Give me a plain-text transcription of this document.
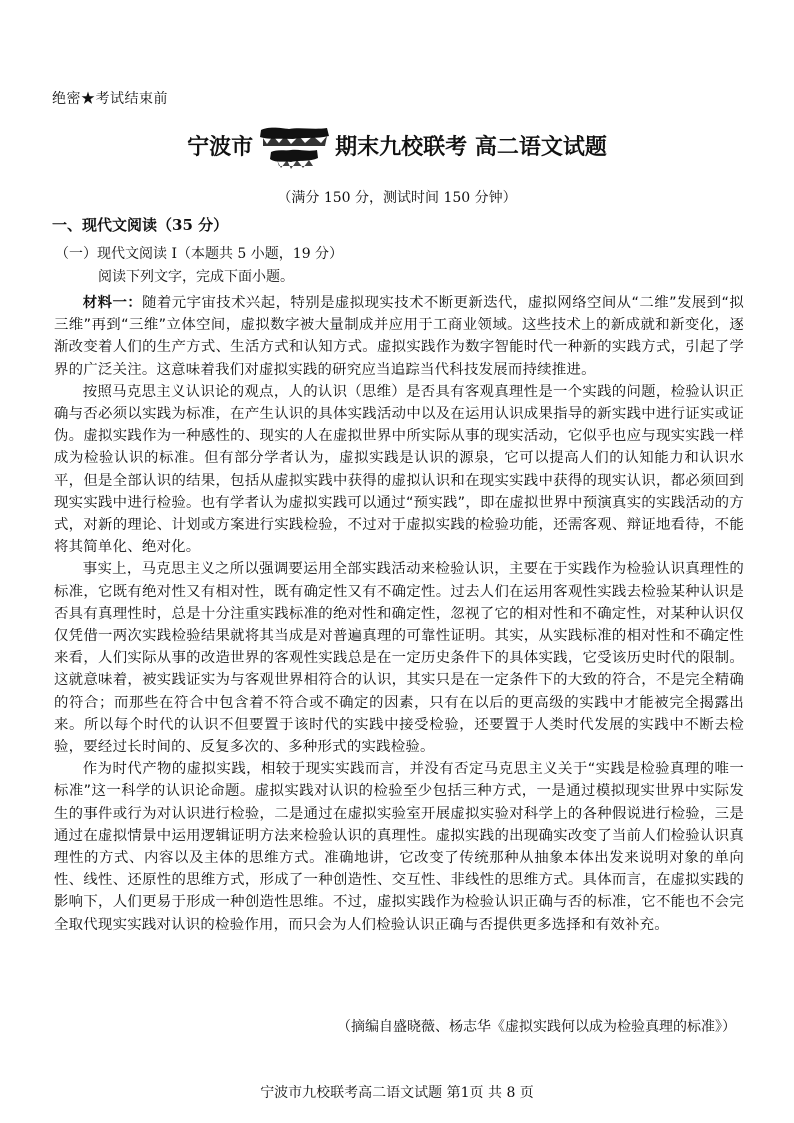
绝密★考试结束前
宁波市	期末九校联考 高二语文试题
（满分 150 分，测试时间 150 分钟）
一、现代文阅读（35 分）
（一）现代文阅读 I（本题共 5 小题，19 分）
阅读下列文字，完成下面小题。

材料一：随着元宇宙技术兴起，特别是虚拟现实技术不断更新迭代，虚拟网络空间从“二维”发展到“拟三维”再到“三维”立体空间，虚拟数字被大量制成并应用于工商业领域。这些技术上的新成就和新变化，逐渐改变着人们的生产方式、生活方式和认知方式。虚拟实践作为数字智能时代一种新的实践方式，引起了学界的广泛关注。这意味着我们对虚拟实践的研究应当追踪当代科技发展而持续推进。

按照马克思主义认识论的观点，人的认识（思维）是否具有客观真理性是一个实践的问题，检验认识正确与否必须以实践为标准，在产生认识的具体实践活动中以及在运用认识成果指导的新实践中进行证实或证伪。虚拟实践作为一种感性的、现实的人在虚拟世界中所实际从事的现实活动，它似乎也应与现实实践一样成为检验认识的标准。但有部分学者认为，虚拟实践是认识的源泉，它可以提高人们的认知能力和认识水平，但是全部认识的结果，包括从虚拟实践中获得的虚拟认识和在现实实践中获得的现实认识，都必须回到现实实践中进行检验。也有学者认为虚拟实践可以通过“预实践”，即在虚拟世界中预演真实的实践活动的方式，对新的理论、计划或方案进行实践检验，不过对于虚拟实践的检验功能，还需客观、辩证地看待，不能将其简单化、绝对化。

事实上，马克思主义之所以强调要运用全部实践活动来检验认识，主要在于实践作为检验认识真理性的标准，它既有绝对性又有相对性，既有确定性又有不确定性。过去人们在运用客观性实践去检验某种认识是否具有真理性时，总是十分注重实践标准的绝对性和确定性，忽视了它的相对性和不确定性，对某种认识仅仅凭借一两次实践检验结果就将其当成是对普遍真理的可靠性证明。其实，从实践标准的相对性和不确定性来看，人们实际从事的改造世界的客观性实践总是在一定历史条件下的具体实践，它受该历史时代的限制。这就意味着，被实践证实为与客观世界相符合的认识，其实只是在一定条件下的大致的符合，不是完全精确的符合；而那些在符合中包含着不符合或不确定的因素，只有在以后的更高级的实践中才能被完全揭露出来。所以每个时代的认识不但要置于该时代的实践中接受检验，还要置于人类时代发展的实践中不断去检验，要经过长时间的、反复多次的、多种形式的实践检验。

作为时代产物的虚拟实践，相较于现实实践而言，并没有否定马克思主义关于“实践是检验真理的唯一标准”这一科学的认识论命题。虚拟实践对认识的检验至少包括三种方式，一是通过模拟现实世界中实际发生的事件或行为对认识进行检验，二是通过在虚拟实验室开展虚拟实验对科学上的各种假说进行检验，三是通过在虚拟情景中运用逻辑证明方法来检验认识的真理性。虚拟实践的出现确实改变了当前人们检验认识真理性的方式、内容以及主体的思维方式。准确地讲，它改变了传统那种从抽象本体出发来说明对象的单向性、线性、还原性的思维方式，形成了一种创造性、交互性、非线性的思维方式。具体而言，在虚拟实践的影响下，人们更易于形成一种创造性思维。不过，虚拟实践作为检验认识正确与否的标准，它不能也不会完全取代现实实践对认识的检验作用，而只会为人们检验认识正确与否提供更多选择和有效补充。

（摘编自盛晓薇、杨志华《虚拟实践何以成为检验真理的标准》）
宁波市九校联考高二语文试题 第1页 共 8 页
